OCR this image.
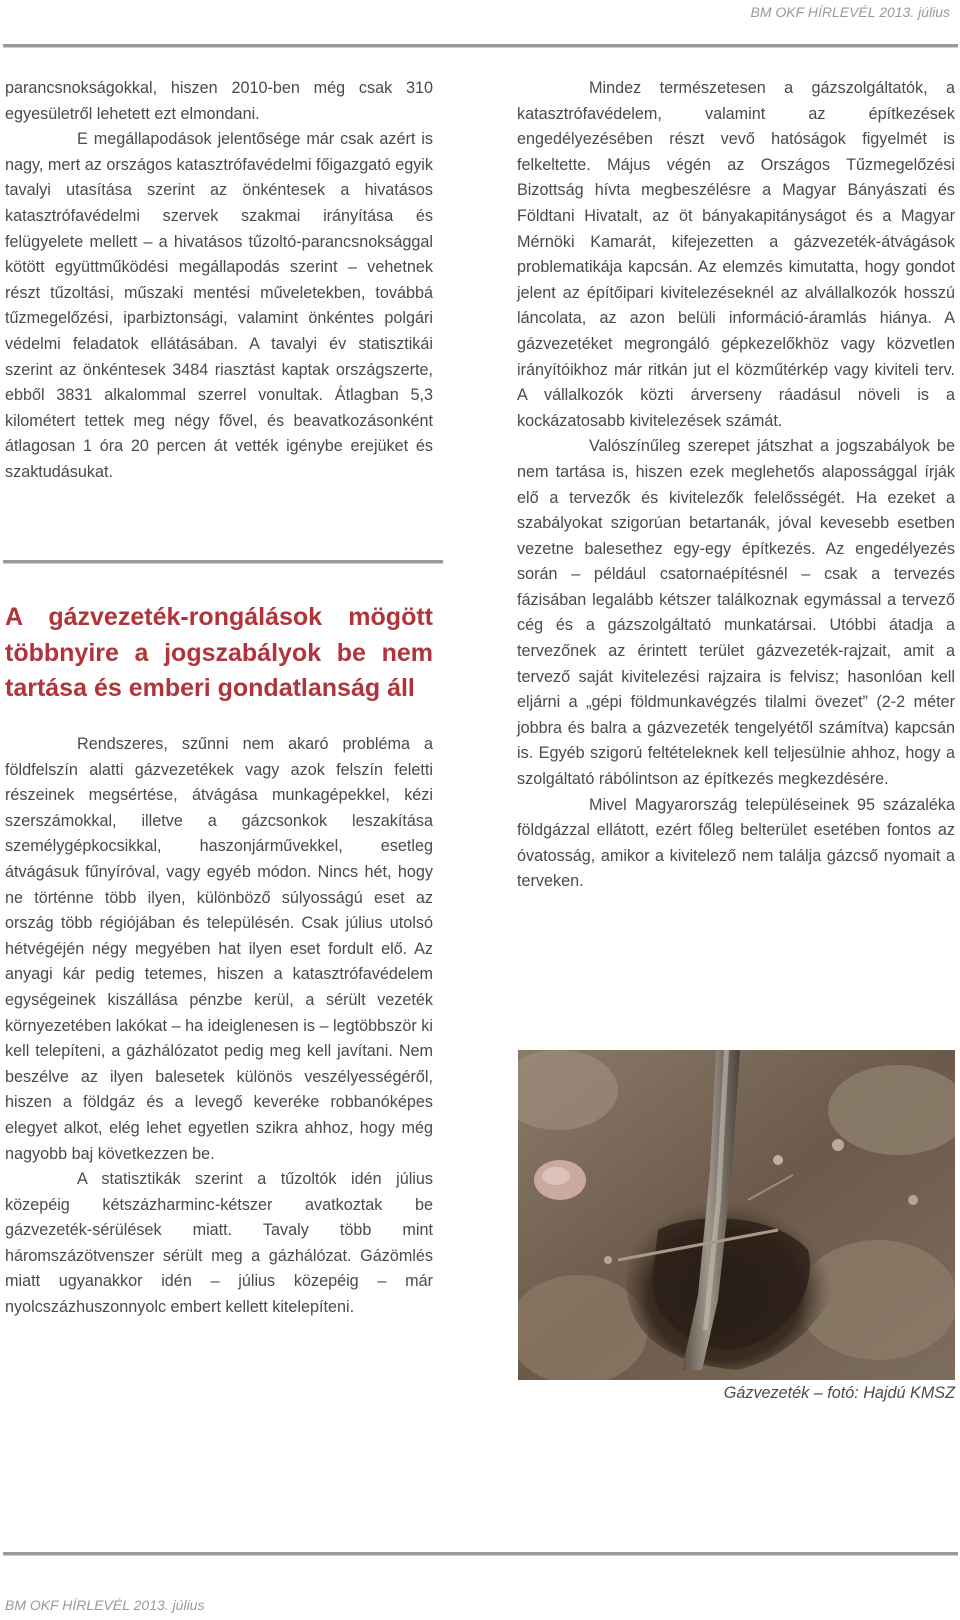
BM OKF HÍRLEVÉL 2013. július

parancsnokságokkal, hiszen 2010-ben még csak 310 egyesületről lehetett ezt elmondani.

E megállapodások jelentősége már csak azért is nagy, mert az országos katasztrófavédelmi főigazgató egyik tavalyi utasítása szerint az önkéntesek a hivatásos katasztrófavédelmi szervek szakmai irányítása és felügyelete mellett – a hivatásos tűzoltó-parancsnoksággal kötött együttműködési megállapodás szerint – vehetnek részt tűzoltási, műszaki mentési műveletekben, továbbá tűzmegelőzési, iparbiztonsági, valamint önkéntes polgári védelmi feladatok ellátásában. A tavalyi év statisztikái szerint az önkéntesek 3484 riasztást kaptak országszerte, ebből 3831 alkalommal szerrel vonultak. Átlagban 5,3 kilométert tettek meg négy fővel, és beavatkozásonként átlagosan 1 óra 20 percen át vették igénybe erejüket és szaktudásukat.

A gázvezeték-rongálások mögött többnyire a jogszabályok be nem tartása és emberi gondatlanság áll

Rendszeres, szűnni nem akaró probléma a földfelszín alatti gázvezetékek vagy azok felszín feletti részeinek megsértése, átvágása munkagépekkel, kézi szerszámokkal, illetve a gázcsonkok leszakítása személygépkocsikkal, haszonjárművekkel, esetleg átvágásuk fűnyíróval, vagy egyéb módon. Nincs hét, hogy ne történne több ilyen, különböző súlyosságú eset az ország több régiójában és településén. Csak július utolsó hétvégéjén négy megyében hat ilyen eset fordult elő. Az anyagi kár pedig tetemes, hiszen a katasztrófavédelem egységeinek kiszállása pénzbe kerül, a sérült vezeték környezetében lakókat – ha ideiglenesen is – legtöbbször ki kell telepíteni, a gázhálózatot pedig meg kell javítani. Nem beszélve az ilyen balesetek különös veszélyességéről, hiszen a földgáz és a levegő keveréke robbanóképes elegyet alkot, elég lehet egyetlen szikra ahhoz, hogy még nagyobb baj következzen be.

A statisztikák szerint a tűzoltók idén július közepéig kétszázharminc-kétszer avatkoztak be gázvezeték-sérülések miatt. Tavaly több mint háromszázötvenszer sérült meg a gázhálózat. Gázömlés miatt ugyanakkor idén – július közepéig – már nyolcszázhuszonnyolc embert kellett kitelepíteni.

Mindez természetesen a gázszolgáltatók, a katasztrófavédelem, valamint az építkezések engedélyezésében részt vevő hatóságok figyelmét is felkeltette. Május végén az Országos Tűzmegelőzési Bizottság hívta megbeszélésre a Magyar Bányászati és Földtani Hivatalt, az öt bányakapitányságot és a Magyar Mérnöki Kamarát, kifejezetten a gázvezeték-átvágások problematikája kapcsán. Az elemzés kimutatta, hogy gondot jelent az építőipari kivitelezéseknél az alvállalkozók hosszú láncolata, az azon belüli információ-áramlás hiánya. A gázvezetéket megrongáló gépkezelőkhöz vagy közvetlen irányítóikhoz már ritkán jut el közműtérkép vagy kiviteli terv. A vállalkozók közti árverseny ráadásul növeli is a kockázatosabb kivitelezések számát.

Valószínűleg szerepet játszhat a jogszabályok be nem tartása is, hiszen ezek meglehetős alapossággal írják elő a tervezők és kivitelezők felelősségét. Ha ezeket a szabályokat szigorúan betartanák, jóval kevesebb esetben vezetne balesethez egy-egy építkezés. Az engedélyezés során – például csatornaépítésnél – csak a tervezés fázisában legalább kétszer találkoznak egymással a tervező cég és a gázszolgáltató munkatársai. Utóbbi átadja a tervezőnek az érintett terület gázvezeték-rajzait, amit a tervező saját kivitelezési rajzaira is felvisz; hasonlóan kell eljárni a „gépi földmunkavégzés tilalmi övezet” (2-2 méter jobbra és balra a gázvezeték tengelyétől számítva) kapcsán is. Egyéb szigorú feltételeknek kell teljesülnie ahhoz, hogy a szolgáltató rábólintson az építkezés megkezdésére.

Mivel Magyarország településeinek 95 százaléka földgázzal ellátott, ezért főleg belterület esetében fontos az óvatosság, amikor a kivitelező nem találja gázcső nyomait a terveken.

Gázvezeték – fotó: Hajdú KMSZ
BM OKF HÍRLEVÉL 2013. július
